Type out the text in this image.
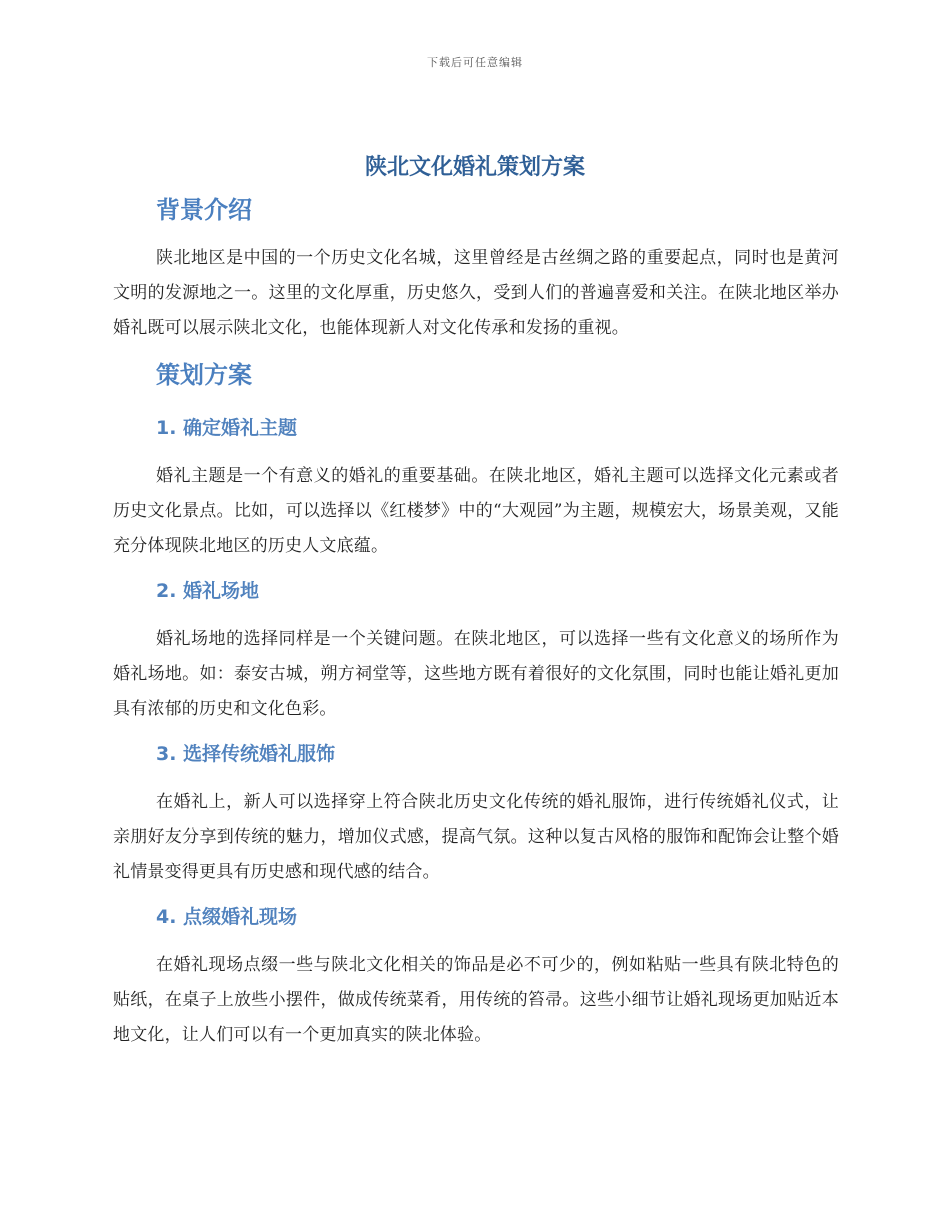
下载后可任意编辑
陕北文化婚礼策划方案
背景介绍

陕北地区是中国的一个历史文化名城，这里曾经是古丝绸之路的重要起点，同时也是黄河文明的发源地之一。这里的文化厚重，历史悠久，受到人们的普遍喜爱和关注。在陕北地区举办婚礼既可以展示陕北文化，也能体现新人对文化传承和发扬的重视。

策划方案
1. 确定婚礼主题

婚礼主题是一个有意义的婚礼的重要基础。在陕北地区，婚礼主题可以选择文化元素或者历史文化景点。比如，可以选择以《红楼梦》中的“大观园”为主题，规模宏大，场景美观，又能充分体现陕北地区的历史人文底蕴。

2. 婚礼场地

婚礼场地的选择同样是一个关键问题。在陕北地区，可以选择一些有文化意义的场所作为婚礼场地。如：泰安古城，朔方祠堂等，这些地方既有着很好的文化氛围，同时也能让婚礼更加具有浓郁的历史和文化色彩。

3. 选择传统婚礼服饰

在婚礼上，新人可以选择穿上符合陕北历史文化传统的婚礼服饰，进行传统婚礼仪式，让亲朋好友分享到传统的魅力，增加仪式感，提高气氛。这种以复古风格的服饰和配饰会让整个婚礼情景变得更具有历史感和现代感的结合。

4. 点缀婚礼现场

在婚礼现场点缀一些与陕北文化相关的饰品是必不可少的，例如粘贴一些具有陕北特色的贴纸，在桌子上放些小摆件，做成传统菜肴，用传统的笞帚。这些小细节让婚礼现场更加贴近本地文化，让人们可以有一个更加真实的陕北体验。
